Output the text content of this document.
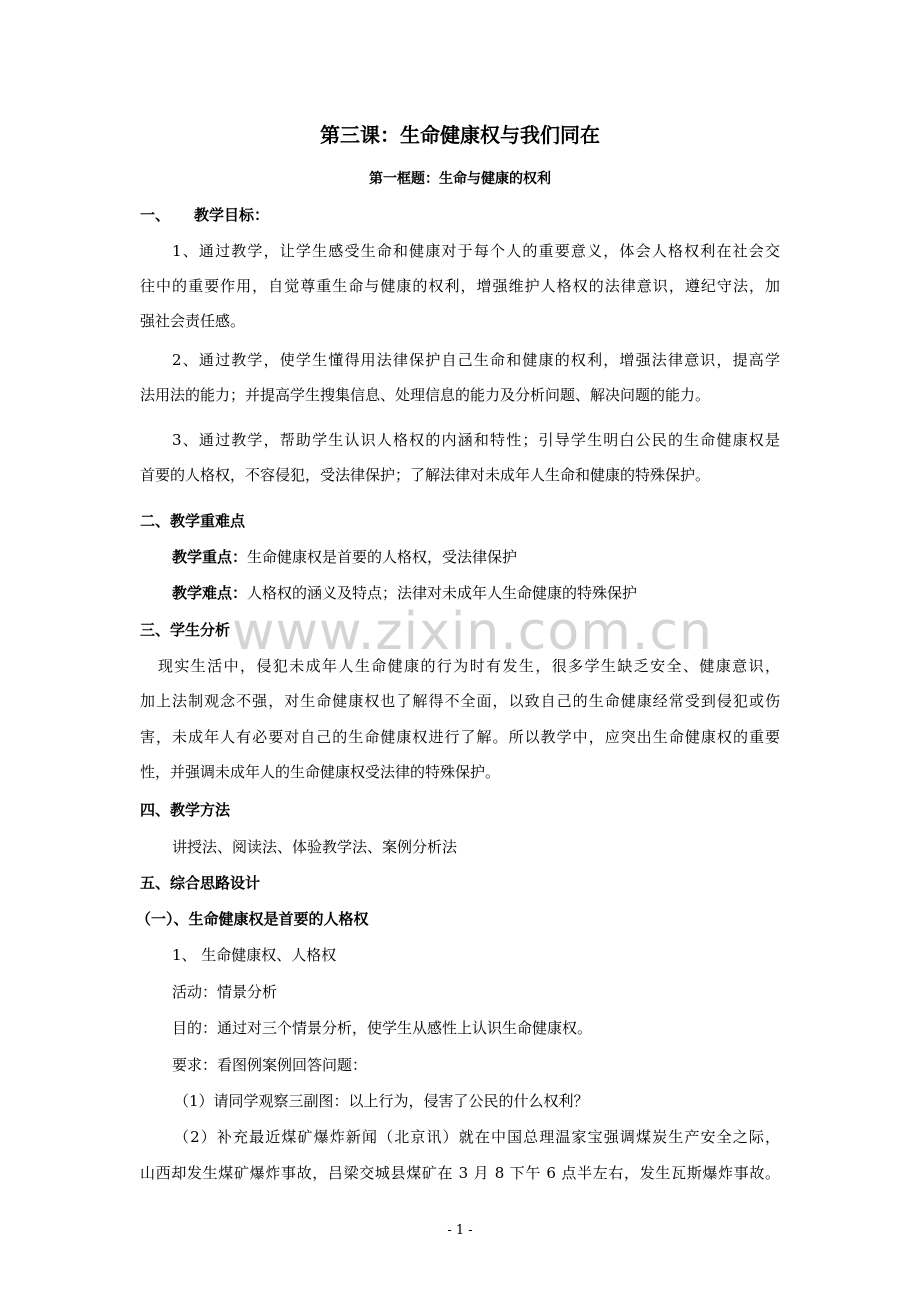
第三课：生命健康权与我们同在
第一框题：生命与健康的权利
一、 教学目标：
1、通过教学，让学生感受生命和健康对于每个人的重要意义，体会人格权利在社会交
往中的重要作用，自觉尊重生命与健康的权利，增强维护人格权的法律意识，遵纪守法，加
强社会责任感。
2、通过教学，使学生懂得用法律保护自己生命和健康的权利，增强法律意识，提高学
法用法的能力；并提高学生搜集信息、处理信息的能力及分析问题、解决问题的能力。
3、通过教学，帮助学生认识人格权的内涵和特性；引导学生明白公民的生命健康权是
首要的人格权，不容侵犯，受法律保护；了解法律对未成年人生命和健康的特殊保护。
二、教学重难点
教学重点：生命健康权是首要的人格权，受法律保护
教学难点：人格权的涵义及特点；法律对未成年人生命健康的特殊保护
三、学生分析
现实生活中，侵犯未成年人生命健康的行为时有发生，很多学生缺乏安全、健康意识，
加上法制观念不强，对生命健康权也了解得不全面，以致自己的生命健康经常受到侵犯或伤
害，未成年人有必要对自己的生命健康权进行了解。所以教学中，应突出生命健康权的重要
性，并强调未成年人的生命健康权受法律的特殊保护。
四、教学方法
讲授法、阅读法、体验教学法、案例分析法
五、综合思路设计
（一）、生命健康权是首要的人格权
1、 生命健康权、人格权
活动：情景分析
目的：通过对三个情景分析，使学生从感性上认识生命健康权。
要求：看图例案例回答问题：
（1）请同学观察三副图：以上行为，侵害了公民的什么权利？
（2）补充最近煤矿爆炸新闻（北京讯）就在中国总理温家宝强调煤炭生产安全之际，
山西却发生煤矿爆炸事故，吕梁交城县煤矿在 3 月 8 下午 6 点半左右，发生瓦斯爆炸事故。
www.zixin.com.cn
- 1 -
